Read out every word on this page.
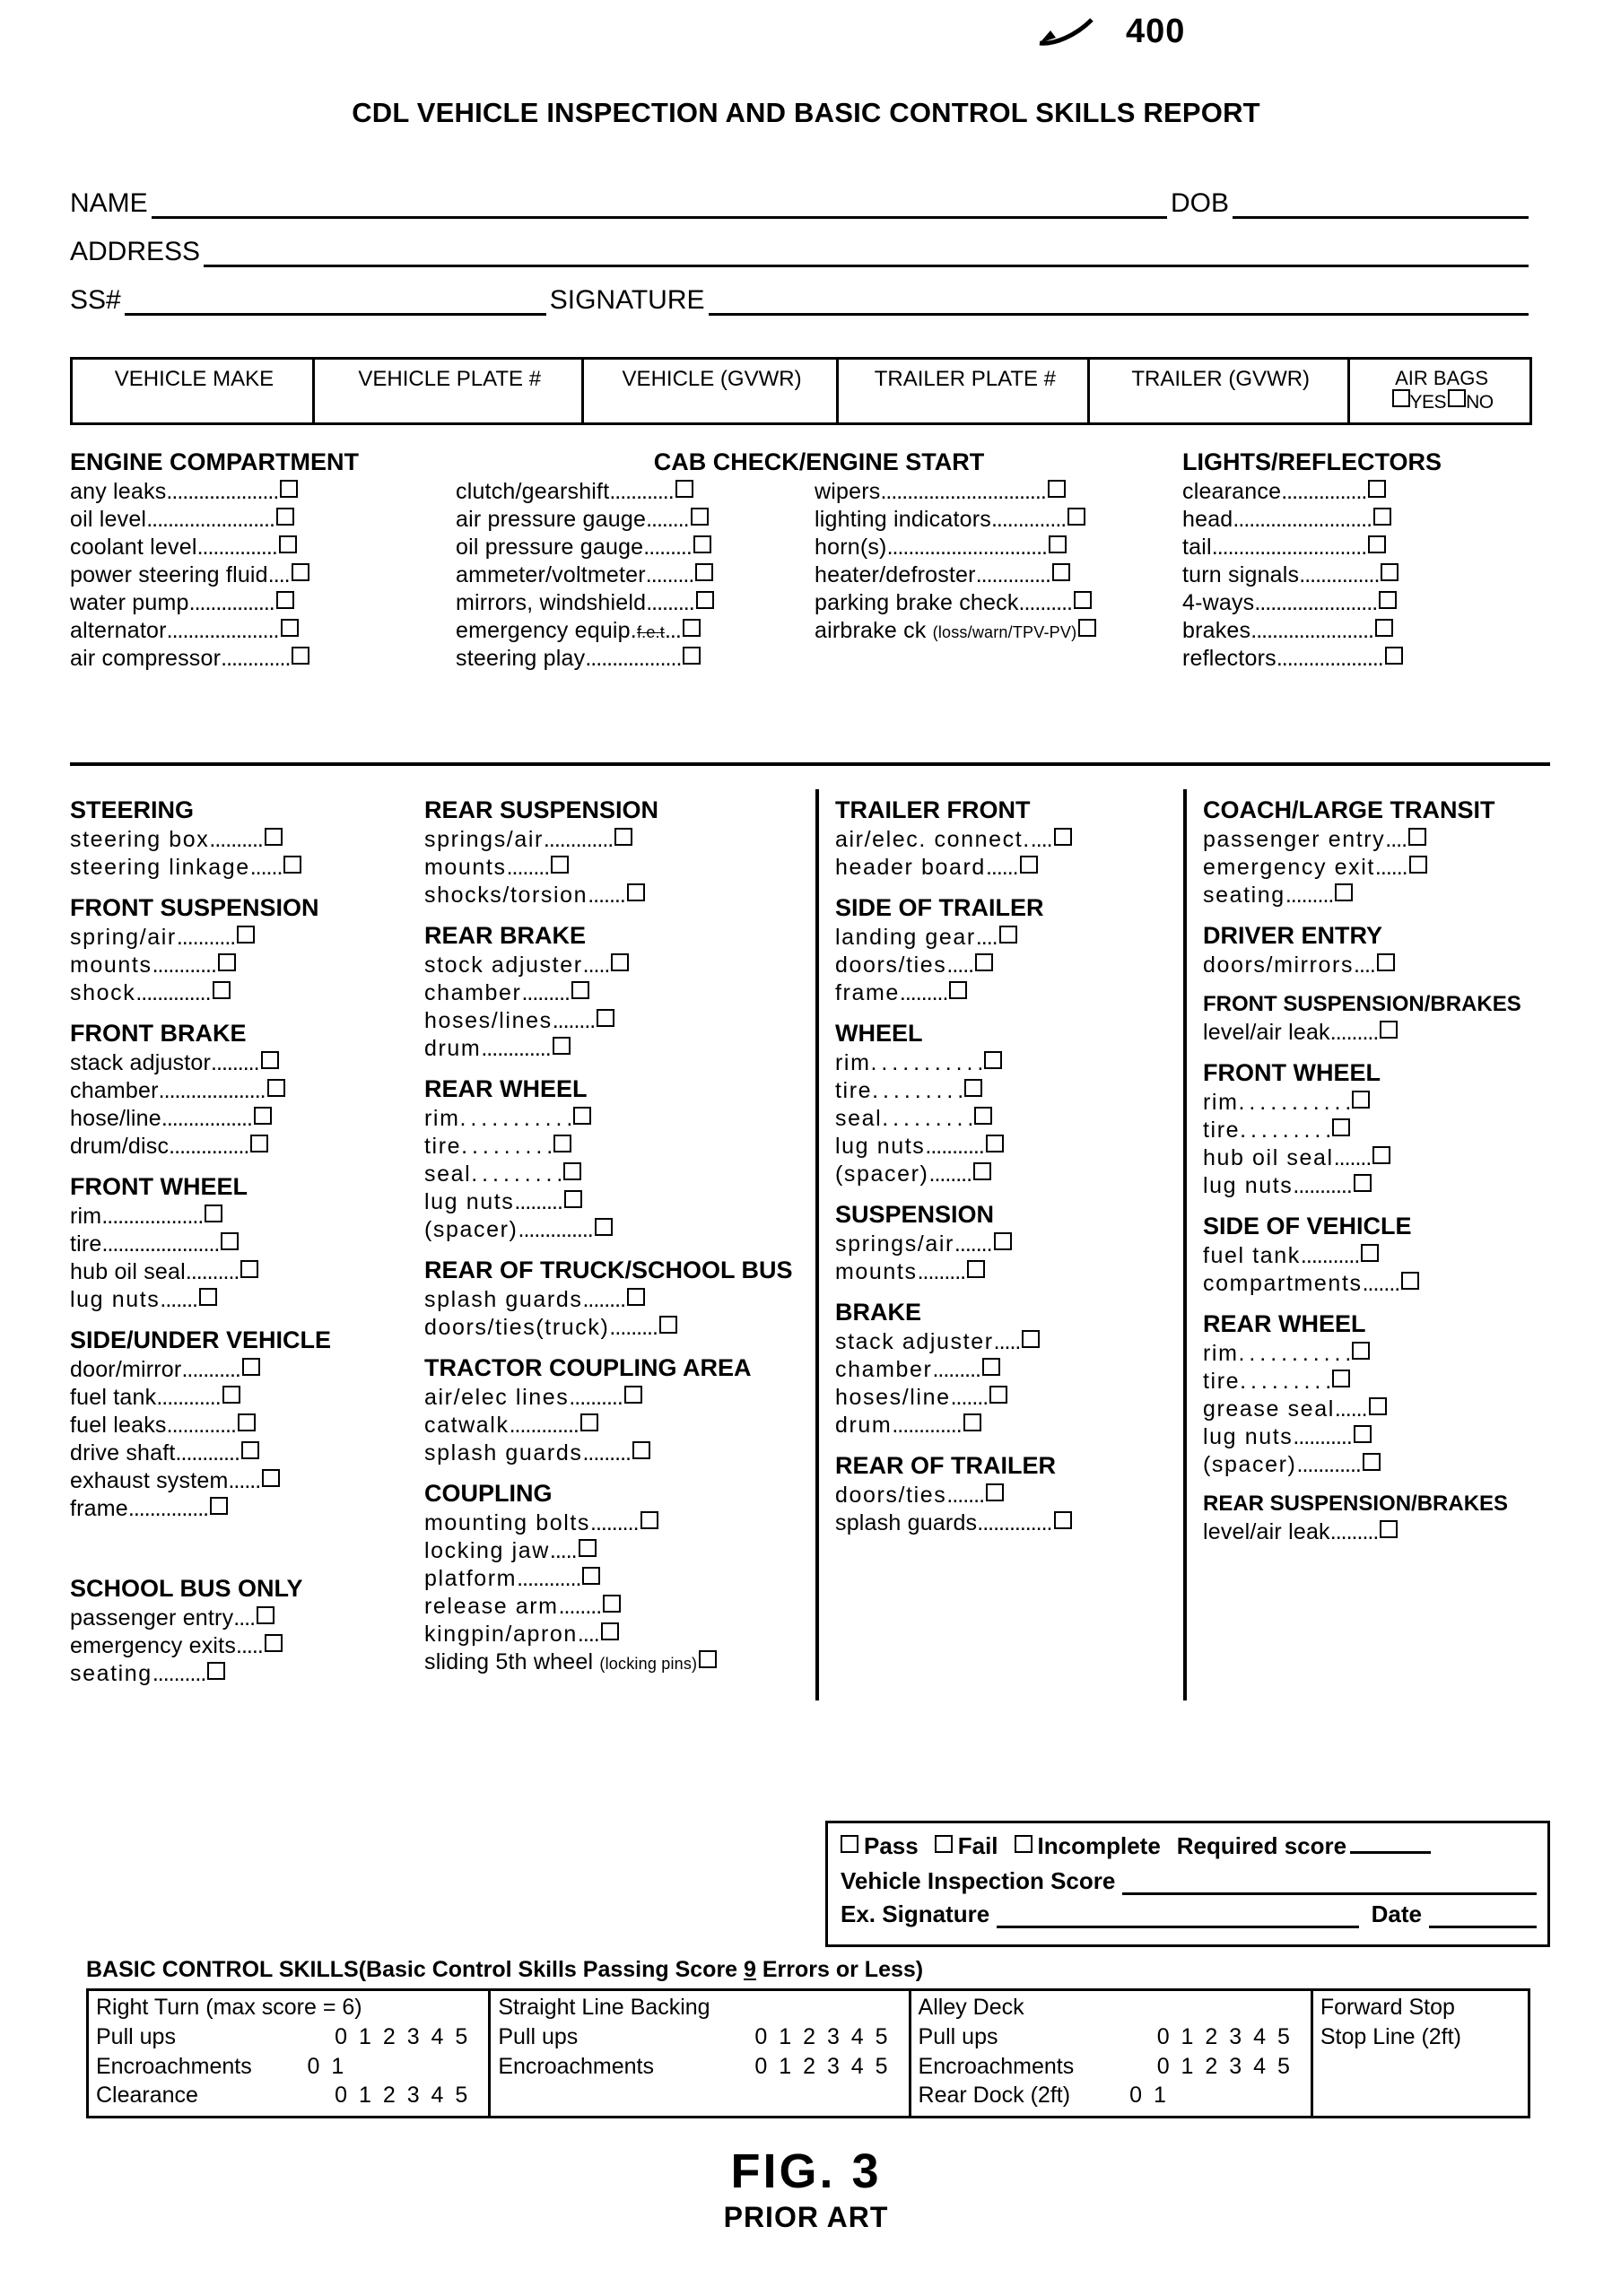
400
CDL VEHICLE INSPECTION AND BASIC CONTROL SKILLS REPORT
NAME	DOB
ADDRESS
SS#	SIGNATURE
VEHICLE MAKE	VEHICLE PLATE #	VEHICLE (GVWR)	TRAILER PLATE #	TRAILER (GVWR)	AIR BAGS
YES NO
ENGINE COMPARTMENT
any leaks.....................
oil level........................
coolant level...............
power steering fluid....
water pump................
alternator.....................
air compressor.............
CAB CHECK/ENGINE START
clutch/gearshift............
air pressure gauge........
oil pressure gauge.........
ammeter/voltmeter.........
mirrors, windshield.........
emergency equip.f.e.t...
steering play..................
wipers...............................
lighting indicators..............
horn(s)..............................
heater/defroster..............
parking brake check..........
airbrake ck (loss/warn/TPV-PV)
LIGHTS/REFLECTORS
clearance................
head..........................
tail.............................
turn signals...............
4-ways.......................
brakes.......................
reflectors....................
STEERING
steering box..........
steering linkage......
FRONT SUSPENSION
spring/air...........
mounts............
shock..............
FRONT BRAKE
stack adjustor.........
chamber....................
hose/line.................
drum/disc...............
FRONT WHEEL
rim...................
tire......................
hub oil seal..........
lug nuts.......
SIDE/UNDER VEHICLE
door/mirror...........
fuel tank............
fuel leaks.............
drive shaft............
exhaust system......
frame...............
SCHOOL BUS ONLY
passenger entry....
emergency exits.....
seating..........
REAR SUSPENSION
springs/air.............
mounts........
shocks/torsion.......
REAR BRAKE
stock adjuster.....
chamber.........
hoses/lines........
drum.............
REAR WHEEL
rim. . . . . . . . . . .
tire. . . . . . . . .
seal. . . . . . . . .
lug nuts.........
(spacer)..............
REAR OF TRUCK/SCHOOL BUS
splash guards........
doors/ties(truck).........
TRACTOR COUPLING AREA
air/elec lines..........
catwalk.............
splash guards.........
COUPLING
mounting bolts.........
locking jaw.....
platform............
release arm........
kingpin/apron....
sliding 5th wheel (locking pins)
TRAILER FRONT
air/elec. connect.....
header board......
SIDE OF TRAILER
landing gear....
doors/ties.....
frame.........
WHEEL
rim. . . . . . . . . . .
tire. . . . . . . . .
seal. . . . . . . . .
lug nuts...........
(spacer)........
SUSPENSION
springs/air.......
mounts.........
BRAKE
stack adjuster.....
chamber.........
hoses/line.......
drum.............
REAR OF TRAILER
doors/ties.......
splash guards..............
COACH/LARGE TRANSIT
passenger entry....
emergency exit......
seating.........
DRIVER ENTRY
doors/mirrors....
FRONT SUSPENSION/BRAKES
level/air leak.........
FRONT WHEEL
rim. . . . . . . . . . .
tire. . . . . . . . .
hub oil seal.......
lug nuts...........
SIDE OF VEHICLE
fuel tank...........
compartments.......
REAR WHEEL
rim. . . . . . . . . . .
tire. . . . . . . . .
grease seal......
lug nuts...........
(spacer)............
REAR SUSPENSION/BRAKES
level/air leak.........
Pass	Fail	Incomplete Required score
Vehicle Inspection Score
Ex. Signature	Date
BASIC CONTROL SKILLS(Basic Control Skills Passing Score 9 Errors or Less)
Right Turn (max score = 6)
Pull ups	0 1 2 3 4 5
Encroachments 0 1
Clearance	0 1 2 3 4 5
Straight Line Backing
Pull ups	0 1 2 3 4 5
Encroachments	0 1 2 3 4 5
Alley Deck
Pull ups	0 1 2 3 4 5
Encroachments	0 1 2 3 4 5
Rear Dock (2ft)	0 1
Forward Stop
Stop Line (2ft)
FIG. 3
PRIOR ART
